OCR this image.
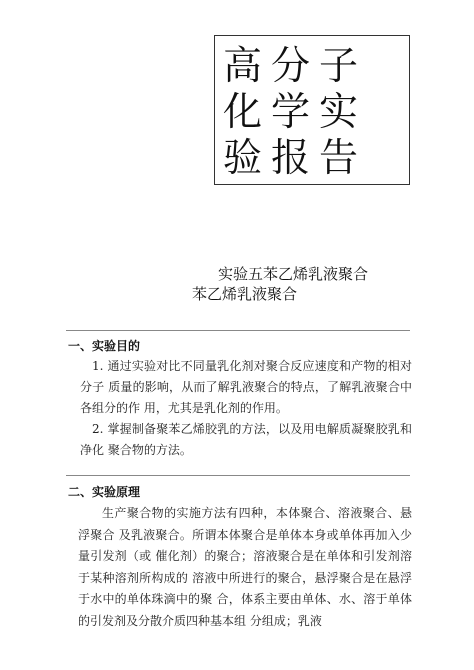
高分子化学实验报告
实验五苯乙烯乳液聚合
苯乙烯乳液聚合
一、实验目的
1. 通过实验对比不同量乳化剂对聚合反应速度和产物的相对分子 质量的影响，从而了解乳液聚合的特点，了解乳液聚合中各组分的作 用，尤其是乳化剂的作用。
2. 掌握制备聚苯乙烯胶乳的方法，以及用电解质凝聚胶乳和净化 聚合物的方法。
二、实验原理
生产聚合物的实施方法有四种，本体聚合、溶液聚合、悬浮聚合 及乳液聚合。所谓本体聚合是单体本身或单体再加入少量引发剂（或 催化剂）的聚合；溶液聚合是在单体和引发剂溶于某种溶剂所构成的 溶液中所进行的聚合，悬浮聚合是在悬浮于水中的单体珠滴中的聚 合，体系主要由单体、水、溶于单体的引发剂及分散介质四种基本组 分组成；乳液
